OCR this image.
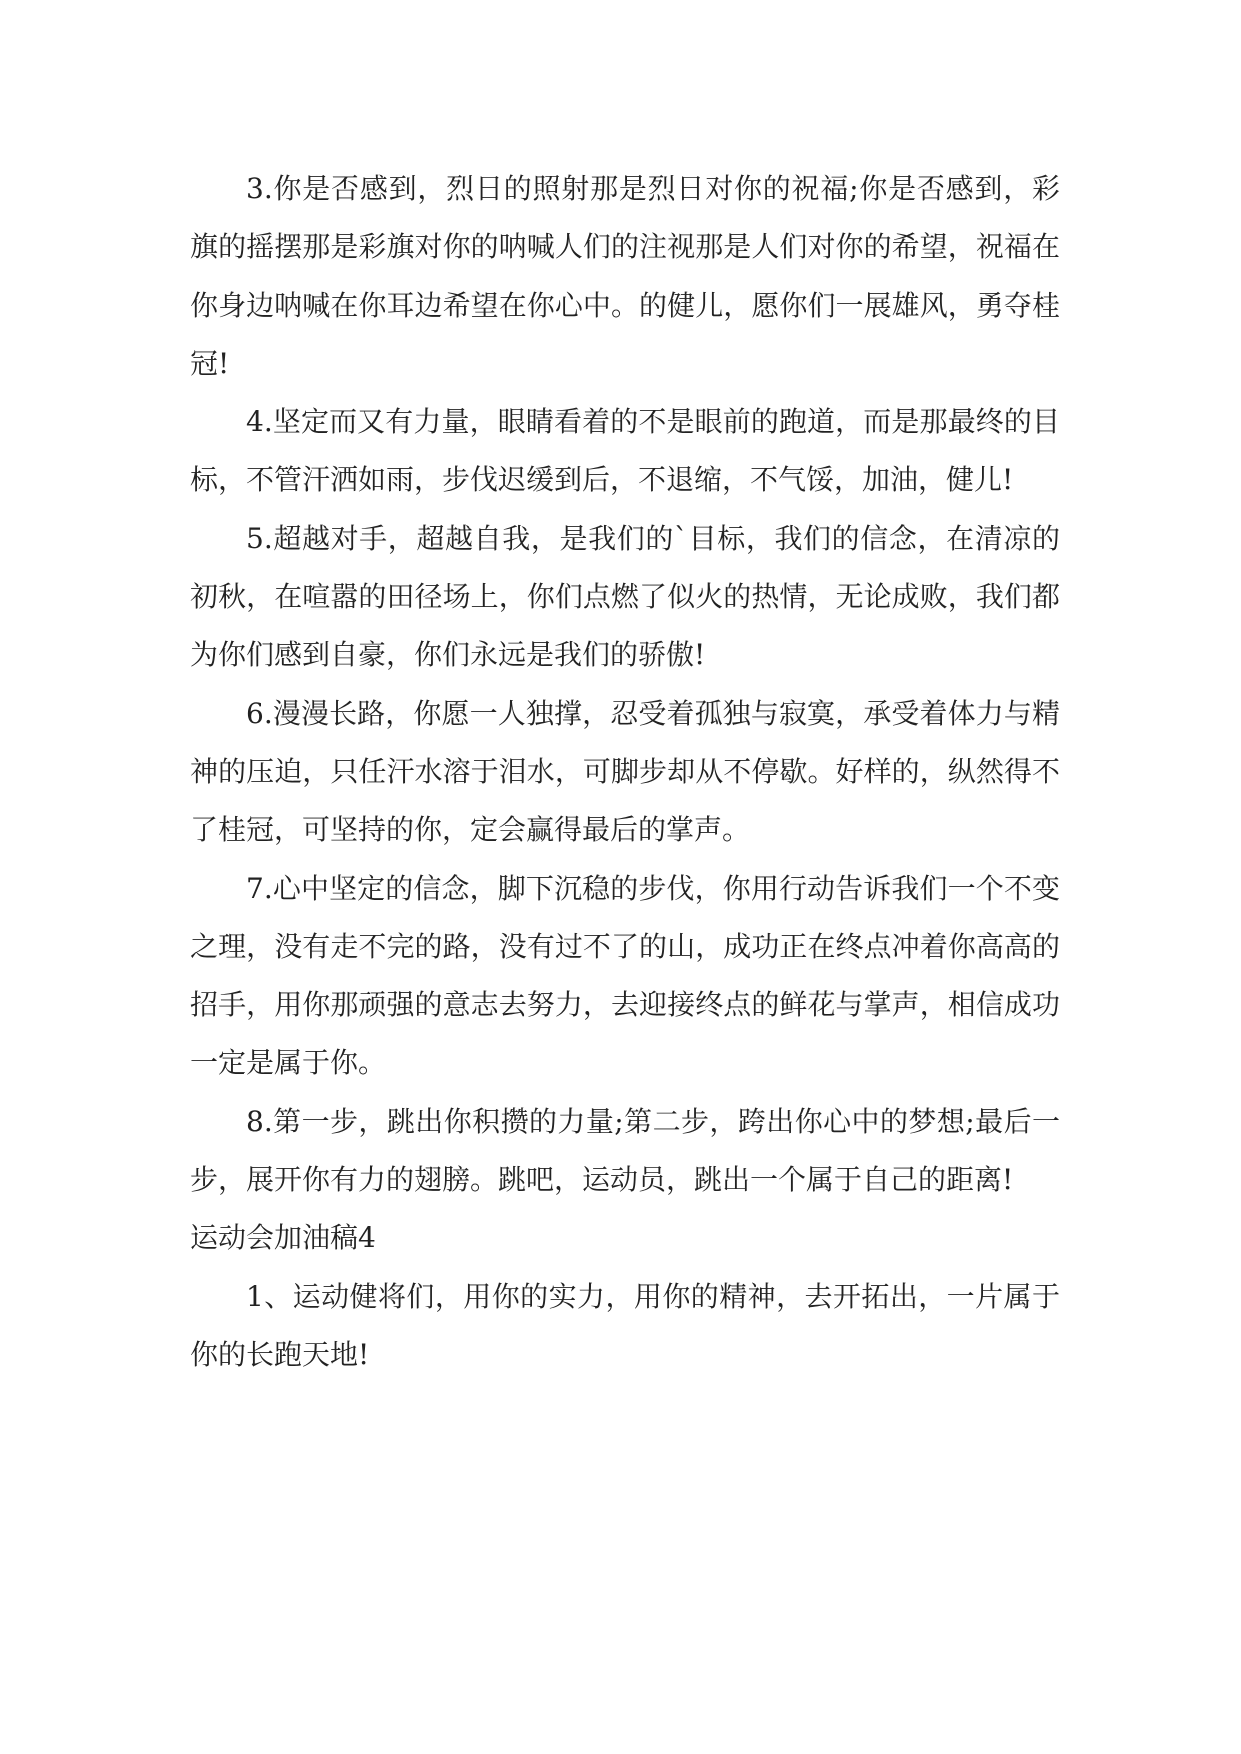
3.你是否感到，烈日的照射那是烈日对你的祝福;你是否感到，彩旗的摇摆那是彩旗对你的呐喊人们的注视那是人们对你的希望，祝福在你身边呐喊在你耳边希望在你心中。的健儿，愿你们一展雄风，勇夺桂冠!

4.坚定而又有力量，眼睛看着的不是眼前的跑道，而是那最终的目标，不管汗洒如雨，步伐迟缓到后，不退缩，不气馁，加油，健儿!

5.超越对手，超越自我，是我们的`目标，我们的信念，在清凉的初秋，在喧嚣的田径场上，你们点燃了似火的热情，无论成败，我们都为你们感到自豪，你们永远是我们的骄傲!

6.漫漫长路，你愿一人独撑，忍受着孤独与寂寞，承受着体力与精神的压迫，只任汗水溶于泪水，可脚步却从不停歇。好样的，纵然得不了桂冠，可坚持的你，定会赢得最后的掌声。

7.心中坚定的信念，脚下沉稳的步伐，你用行动告诉我们一个不变之理，没有走不完的路，没有过不了的山，成功正在终点冲着你高高的招手，用你那顽强的意志去努力，去迎接终点的鲜花与掌声，相信成功一定是属于你。

8.第一步，跳出你积攒的力量;第二步，跨出你心中的梦想;最后一步，展开你有力的翅膀。跳吧，运动员，跳出一个属于自己的距离!

运动会加油稿4

1、运动健将们，用你的实力，用你的精神，去开拓出，一片属于你的长跑天地!
